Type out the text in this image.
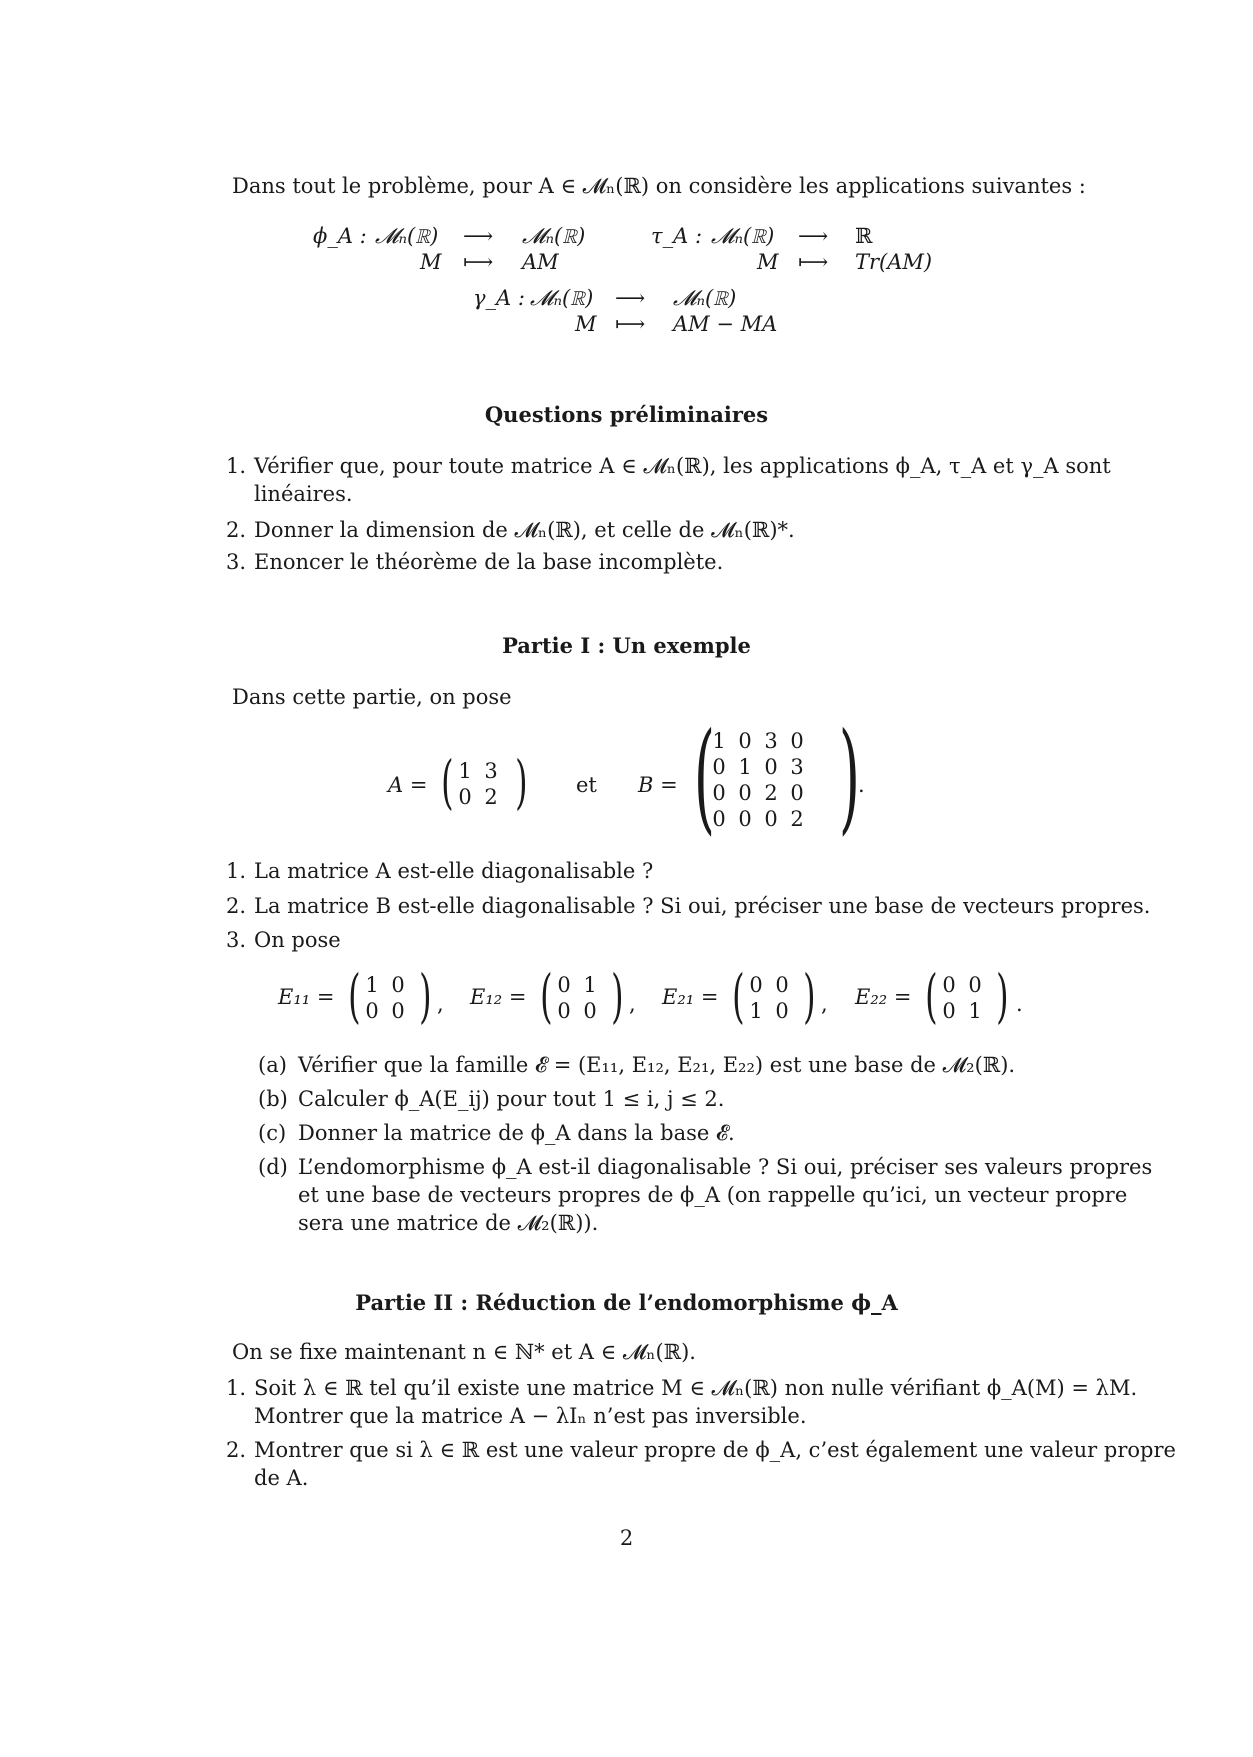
Dans tout le problème, pour A ∈ 𝓜ₙ(ℝ) on considère les applications suivantes :
ϕ_A : 𝓜ₙ(ℝ) ⟶ 𝓜ₙ(ℝ)
M ⟼ AM
τ_A : 𝓜ₙ(ℝ) ⟶ ℝ
M ⟼ Tr(AM)
γ_A : 𝓜ₙ(ℝ) ⟶ 𝓜ₙ(ℝ)
M ⟼ AM − MA
Questions préliminaires
1. Vérifier que, pour toute matrice A ∈ 𝓜ₙ(ℝ), les applications ϕ_A, τ_A et γ_A sont
linéaires.
2. Donner la dimension de 𝓜ₙ(ℝ), et celle de 𝓜ₙ(ℝ)*.
3. Enoncer le théorème de la base incomplète.
Partie I : Un exemple
Dans cette partie, on pose
A = ( 1 3
0 2 ) et B = (
1 0 3 0
0 1 0 3
0 0 2 0
0 0 0 2 )
.
1. La matrice A est-elle diagonalisable ?
2. La matrice B est-elle diagonalisable ? Si oui, préciser une base de vecteurs propres.
3. On pose
E₁₁ = ( 1 0
0 0 ) , E₁₂ = ( 0 1
0 0 ) , E₂₁ = ( 0 0
1 0 ) , E₂₂ = ( 0 0
0 1 ) .
(a) Vérifier que la famille 𝓔 = (E₁₁, E₁₂, E₂₁, E₂₂) est une base de 𝓜₂(ℝ).
(b) Calculer ϕ_A(E_ij) pour tout 1 ≤ i, j ≤ 2.
(c) Donner la matrice de ϕ_A dans la base 𝓔.
(d) L’endomorphisme ϕ_A est-il diagonalisable ? Si oui, préciser ses valeurs propres
et une base de vecteurs propres de ϕ_A (on rappelle qu’ici, un vecteur propre
sera une matrice de 𝓜₂(ℝ)).
Partie II : Réduction de l’endomorphisme ϕ_A
On se fixe maintenant n ∈ ℕ* et A ∈ 𝓜ₙ(ℝ).
1. Soit λ ∈ ℝ tel qu’il existe une matrice M ∈ 𝓜ₙ(ℝ) non nulle vérifiant ϕ_A(M) = λM.
Montrer que la matrice A − λIₙ n’est pas inversible.
2. Montrer que si λ ∈ ℝ est une valeur propre de ϕ_A, c’est également une valeur propre
de A.
2
